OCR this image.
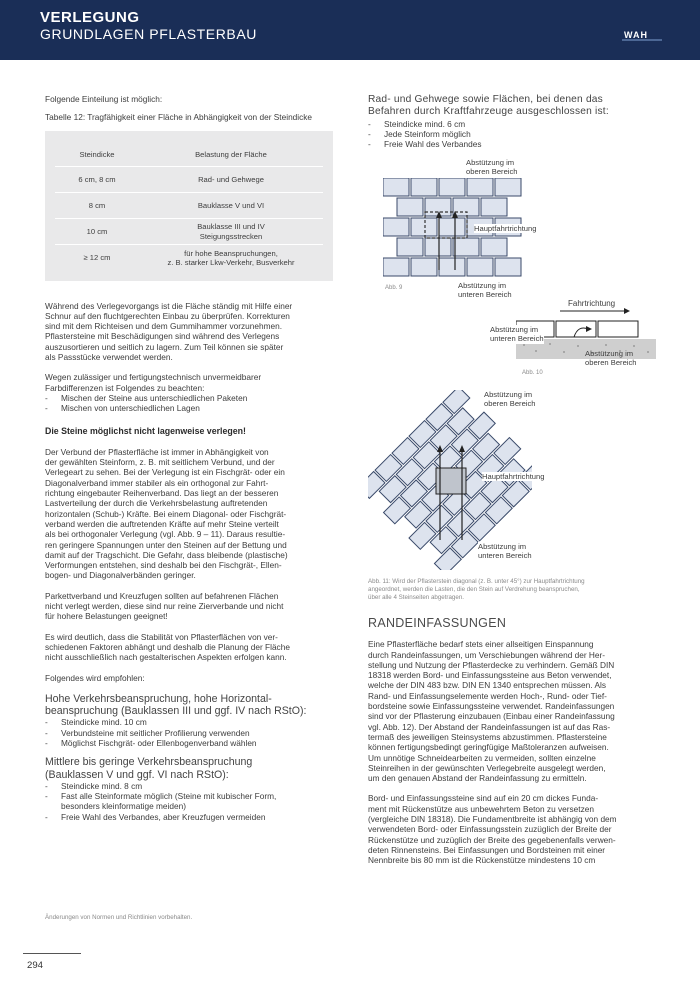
VERLEGUNG
GRUNDLAGEN PFLASTERBAU	WAH

Folgende Einteilung ist möglich:

Tabelle 12: Tragfähigkeit einer Fläche in Abhängigkeit von der Steindicke

Steindicke	Belastung der Fläche
6 cm, 8 cm	Rad- und Gehwege
8 cm	Bauklasse V und VI
10 cm	Bauklasse III und IV
Steigungsstrecken
≥ 12 cm	für hohe Beanspruchungen,
z. B. starker Lkw-Verkehr, Busverkehr

Während des Verlegevorgangs ist die Fläche ständig mit Hilfe einer
Schnur auf den fluchtgerechten Einbau zu überprüfen. Korrekturen
sind mit dem Richteisen und dem Gummihammer vorzunehmen.
Pflastersteine mit Beschädigungen sind während des Verlegens
auszusortieren und seitlich zu lagern. Zum Teil können sie später
als Passstücke verwendet werden.

Wegen zulässiger und fertigungstechnisch unvermeidbarer
Farbdifferenzen ist Folgendes zu beachten:

- Mischen der Steine aus unterschiedlichen Paketen
- Mischen von unterschiedlichen Lagen

Die Steine möglichst nicht lagenweise verlegen!

Der Verbund der Pflasterfläche ist immer in Abhängigkeit von
der gewählten Steinform, z. B. mit seitlichem Verbund, und der
Verlegeart zu sehen. Bei der Verlegung ist ein Fischgrät- oder ein
Diagonalverband immer stabiler als ein orthogonal zur Fahrt-
richtung eingebauter Reihenverband. Das liegt an der besseren
Lastverteilung der durch die Verkehrsbelastung auftretenden
horizontalen (Schub-) Kräfte. Bei einem Diagonal- oder Fischgrät-
verband werden die auftretenden Kräfte auf mehr Steine verteilt
als bei orthogonaler Verlegung (vgl. Abb. 9 – 11). Daraus resultie-
ren geringere Spannungen unter den Steinen auf der Bettung und
damit auf der Tragschicht. Die Gefahr, dass bleibende (plastische)
Verformungen entstehen, sind deshalb bei den Fischgrät-, Ellen-
bogen- und Diagonalverbänden geringer.

Parkettverband und Kreuzfugen sollten auf befahrenen Flächen
nicht verlegt werden, diese sind nur reine Zierverbande und nicht
für hohere Belastungen geeignet!

Es wird deutlich, dass die Stabilität von Pflasterflächen von ver-
schiedenen Faktoren abhängt und deshalb die Planung der Fläche
nicht ausschließlich nach gestalterischen Aspekten erfolgen kann.

Folgendes wird empfohlen:

Hohe Verkehrsbeanspruchung, hohe Horizontal-
beanspruchung (Bauklassen III und ggf. IV nach RStO):

- Steindicke mind. 10 cm
- Verbundsteine mit seitlicher Profilierung verwenden
- Möglichst Fischgrät- oder Ellenbogenverband wählen

Mittlere bis geringe Verkehrsbeanspruchung
(Bauklassen V und ggf. VI nach RStO):

- Steindicke mind. 8 cm
- Fast alle Steinformate möglich (Steine mit kubischer Form,
besonders kleinformatige meiden)
- Freie Wahl des Verbandes, aber Kreuzfugen vermeiden

Rad- und Gehwege sowie Flächen, bei denen das
Befahren durch Kraftfahrzeuge ausgeschlossen ist:

- Steindicke mind. 6 cm
- Jede Steinform möglich
- Freie Wahl des Verbandes
Abstützung im
oberen Bereich
Hauptfahrtrichtung
Abstützung im
unteren Bereich
Abb. 9
Fahrtrichtung
Abstützung im
unteren Bereich
Abstützung im
oberen Bereich
Abb. 10
Abstützung im
oberen Bereich
Hauptfahrtrichtung
Abstützung im
unteren Bereich
Abb. 11: Wird der Pflasterstein diagonal (z. B. unter 45°) zur Hauptfahrtrichtung
angeordnet, werden die Lasten, die den Stein auf Verdrehung beanspruchen,
über alle 4 Steinseiten abgetragen.

RANDEINFASSUNGEN

Eine Pflasterfläche bedarf stets einer allseitigen Einspannung
durch Randeinfassungen, um Verschiebungen während der Her-
stellung und Nutzung der Pflasterdecke zu verhindern. Gemäß DIN
18318 werden Bord- und Einfassungssteine aus Beton verwendet,
welche der DIN 483 bzw. DIN EN 1340 entsprechen müssen. Als
Rand- und Einfassungselemente werden Hoch-, Rund- oder Tief-
bordsteine sowie Einfassungssteine verwendet. Randeinfassungen
sind vor der Pflasterung einzubauen (Einbau einer Randeinfassung
vgl. Abb. 12). Der Abstand der Randeinfassungen ist auf das Ras-
termaß des jeweiligen Steinsystems abzustimmen. Pflastersteine
können fertigungsbedingt geringfügige Maßtoleranzen aufweisen.
Um unnötige Schneidearbeiten zu vermeiden, sollten einzelne
Steinreihen in der gewünschten Verlegebreite ausgelegt werden,
um den genauen Abstand der Randeinfassung zu ermitteln.

Bord- und Einfassungssteine sind auf ein 20 cm dickes Funda-
ment mit Rückenstütze aus unbewehrtem Beton zu versetzen
(vergleiche DIN 18318). Die Fundamentbreite ist abhängig von dem
verwendeten Bord- oder Einfassungsstein zuzüglich der Breite der
Rückenstütze und zuzüglich der Breite des gegebenenfalls verwen-
deten Rinnensteins. Bei Einfassungen und Bordsteinen mit einer
Nennbreite bis 80 mm ist die Rückenstütze mindestens 10 cm

Änderungen von Normen und Richtlinien vorbehalten.
294
